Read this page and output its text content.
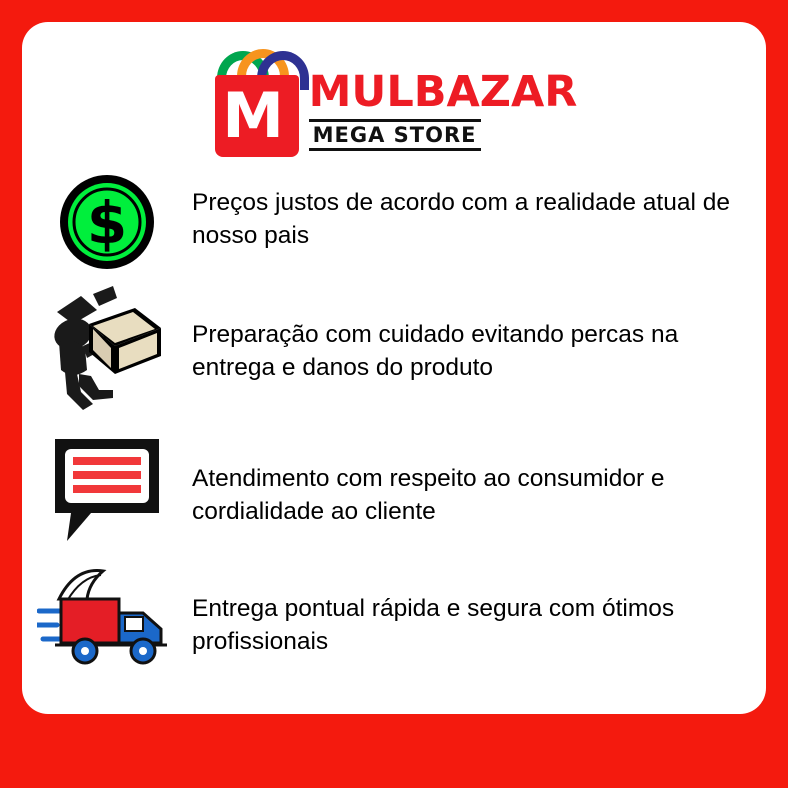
M MULBAZAR
MEGA STORE
$	Preços justos de acordo com a realidade atual de nosso pais
Preparação com cuidado evitando percas na entrega e danos do produto
Atendimento com respeito ao consumidor e cordialidade ao cliente
Entrega pontual rápida e segura com ótimos profissionais
